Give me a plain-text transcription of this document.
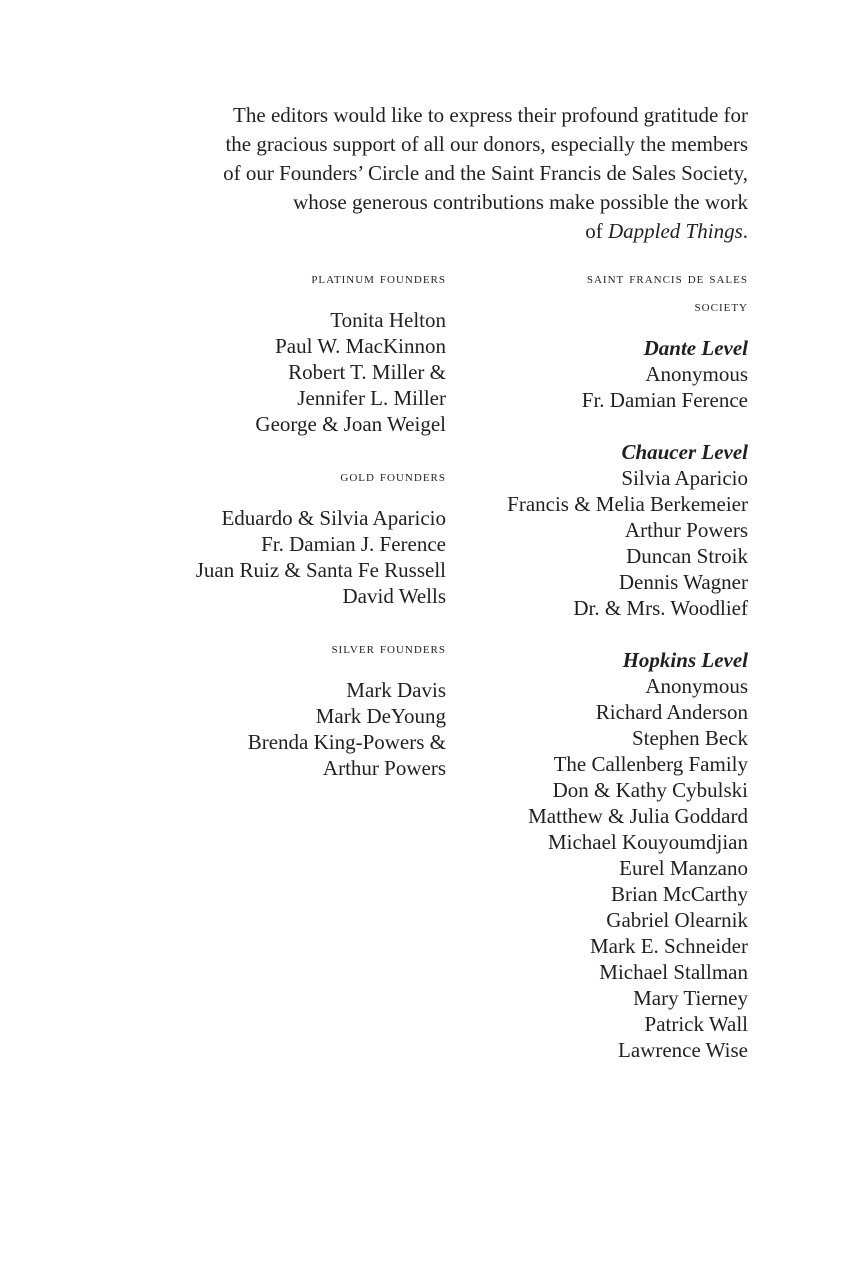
The editors would like to express their profound gratitude for
the gracious support of all our donors, especially the members
of our Founders’ Circle and the Saint Francis de Sales Society,
whose generous contributions make possible the work
of Dappled Things.
platinum founders
Tonita Helton
Paul W. MacKinnon
Robert T. Miller &
Jennifer L. Miller
George & Joan Weigel
gold founders
Eduardo & Silvia Aparicio
Fr. Damian J. Ference
Juan Ruiz & Santa Fe Russell
David Wells
silver founders
Mark Davis
Mark DeYoung
Brenda King-Powers &
Arthur Powers
saint francis de sales
society
Dante Level
Anonymous
Fr. Damian Ference
Chaucer Level
Silvia Aparicio
Francis & Melia Berkemeier
Arthur Powers
Duncan Stroik
Dennis Wagner
Dr. & Mrs. Woodlief
Hopkins Level
Anonymous
Richard Anderson
Stephen Beck
The Callenberg Family
Don & Kathy Cybulski
Matthew & Julia Goddard
Michael Kouyoumdjian
Eurel Manzano
Brian McCarthy
Gabriel Olearnik
Mark E. Schneider
Michael Stallman
Mary Tierney
Patrick Wall
Lawrence Wise
